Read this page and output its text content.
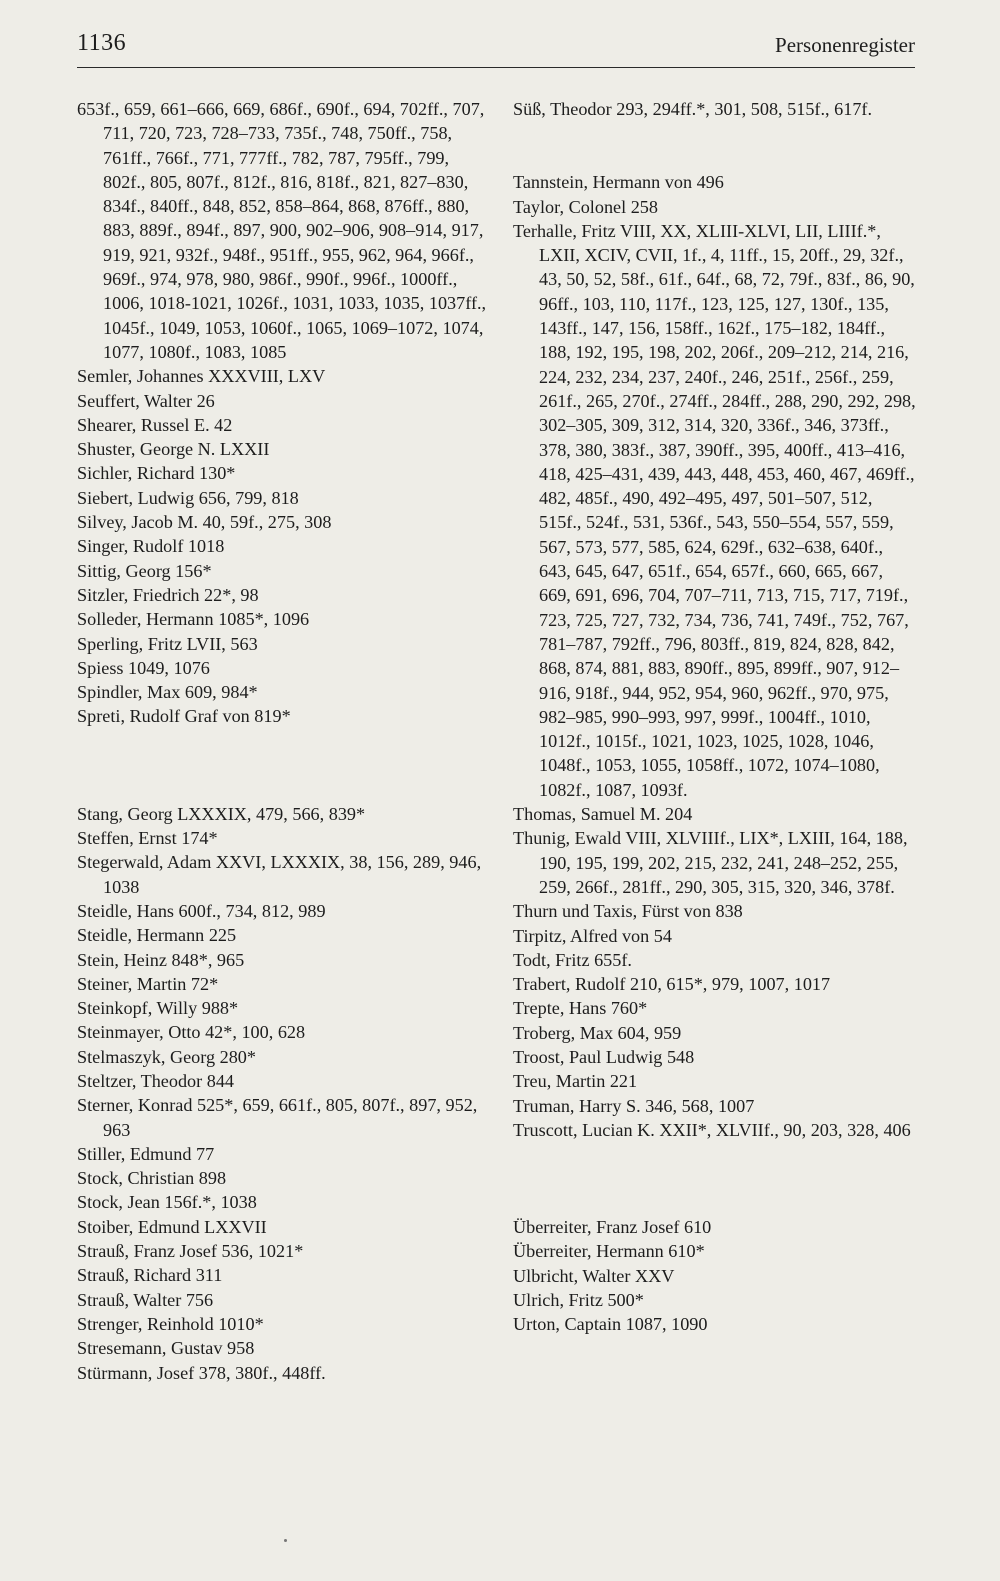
1136	Personenregister
653f., 659, 661–666, 669, 686f., 690f., 694, 702ff., 707, 711, 720, 723, 728–733, 735f., 748, 750ff., 758, 761ff., 766f., 771, 777ff., 782, 787, 795ff., 799, 802f., 805, 807f., 812f., 816, 818f., 821, 827–830, 834f., 840ff., 848, 852, 858–864, 868, 876ff., 880, 883, 889f., 894f., 897, 900, 902–906, 908–914, 917, 919, 921, 932f., 948f., 951ff., 955, 962, 964, 966f., 969f., 974, 978, 980, 986f., 990f., 996f., 1000ff., 1006, 1018-1021, 1026f., 1031, 1033, 1035, 1037ff., 1045f., 1049, 1053, 1060f., 1065, 1069–1072, 1074, 1077, 1080f., 1083, 1085
Semler, Johannes XXXVIII, LXV
Seuffert, Walter 26
Shearer, Russel E. 42
Shuster, George N. LXXII
Sichler, Richard 130*
Siebert, Ludwig 656, 799, 818
Silvey, Jacob M. 40, 59f., 275, 308
Singer, Rudolf 1018
Sittig, Georg 156*
Sitzler, Friedrich 22*, 98
Solleder, Hermann 1085*, 1096
Sperling, Fritz LVII, 563
Spiess 1049, 1076
Spindler, Max 609, 984*
Spreti, Rudolf Graf von 819*
Stang, Georg LXXXIX, 479, 566, 839*
Steffen, Ernst 174*
Stegerwald, Adam XXVI, LXXXIX, 38, 156, 289, 946, 1038
Steidle, Hans 600f., 734, 812, 989
Steidle, Hermann 225
Stein, Heinz 848*, 965
Steiner, Martin 72*
Steinkopf, Willy 988*
Steinmayer, Otto 42*, 100, 628
Stelmaszyk, Georg 280*
Steltzer, Theodor 844
Sterner, Konrad 525*, 659, 661f., 805, 807f., 897, 952, 963
Stiller, Edmund 77
Stock, Christian 898
Stock, Jean 156f.*, 1038
Stoiber, Edmund LXXVII
Strauß, Franz Josef 536, 1021*
Strauß, Richard 311
Strauß, Walter 756
Strenger, Reinhold 1010*
Stresemann, Gustav 958
Stürmann, Josef 378, 380f., 448ff.
Süß, Theodor 293, 294ff.*, 301, 508, 515f., 617f.
Tannstein, Hermann von 496
Taylor, Colonel 258
Terhalle, Fritz VIII, XX, XLIII-XLVI, LII, LIIIf.*, LXII, XCIV, CVII, 1f., 4, 11ff., 15, 20ff., 29, 32f., 43, 50, 52, 58f., 61f., 64f., 68, 72, 79f., 83f., 86, 90, 96ff., 103, 110, 117f., 123, 125, 127, 130f., 135, 143ff., 147, 156, 158ff., 162f., 175–182, 184ff., 188, 192, 195, 198, 202, 206f., 209–212, 214, 216, 224, 232, 234, 237, 240f., 246, 251f., 256f., 259, 261f., 265, 270f., 274ff., 284ff., 288, 290, 292, 298, 302–305, 309, 312, 314, 320, 336f., 346, 373ff., 378, 380, 383f., 387, 390ff., 395, 400ff., 413–416, 418, 425–431, 439, 443, 448, 453, 460, 467, 469ff., 482, 485f., 490, 492–495, 497, 501–507, 512, 515f., 524f., 531, 536f., 543, 550–554, 557, 559, 567, 573, 577, 585, 624, 629f., 632–638, 640f., 643, 645, 647, 651f., 654, 657f., 660, 665, 667, 669, 691, 696, 704, 707–711, 713, 715, 717, 719f., 723, 725, 727, 732, 734, 736, 741, 749f., 752, 767, 781–787, 792ff., 796, 803ff., 819, 824, 828, 842, 868, 874, 881, 883, 890ff., 895, 899ff., 907, 912–916, 918f., 944, 952, 954, 960, 962ff., 970, 975, 982–985, 990–993, 997, 999f., 1004ff., 1010, 1012f., 1015f., 1021, 1023, 1025, 1028, 1046, 1048f., 1053, 1055, 1058ff., 1072, 1074–1080, 1082f., 1087, 1093f.
Thomas, Samuel M. 204
Thunig, Ewald VIII, XLVIIIf., LIX*, LXIII, 164, 188, 190, 195, 199, 202, 215, 232, 241, 248–252, 255, 259, 266f., 281ff., 290, 305, 315, 320, 346, 378f.
Thurn und Taxis, Fürst von 838
Tirpitz, Alfred von 54
Todt, Fritz 655f.
Trabert, Rudolf 210, 615*, 979, 1007, 1017
Trepte, Hans 760*
Troberg, Max 604, 959
Troost, Paul Ludwig 548
Treu, Martin 221
Truman, Harry S. 346, 568, 1007
Truscott, Lucian K. XXII*, XLVIIf., 90, 203, 328, 406
Überreiter, Franz Josef 610
Überreiter, Hermann 610*
Ulbricht, Walter XXV
Ulrich, Fritz 500*
Urton, Captain 1087, 1090
